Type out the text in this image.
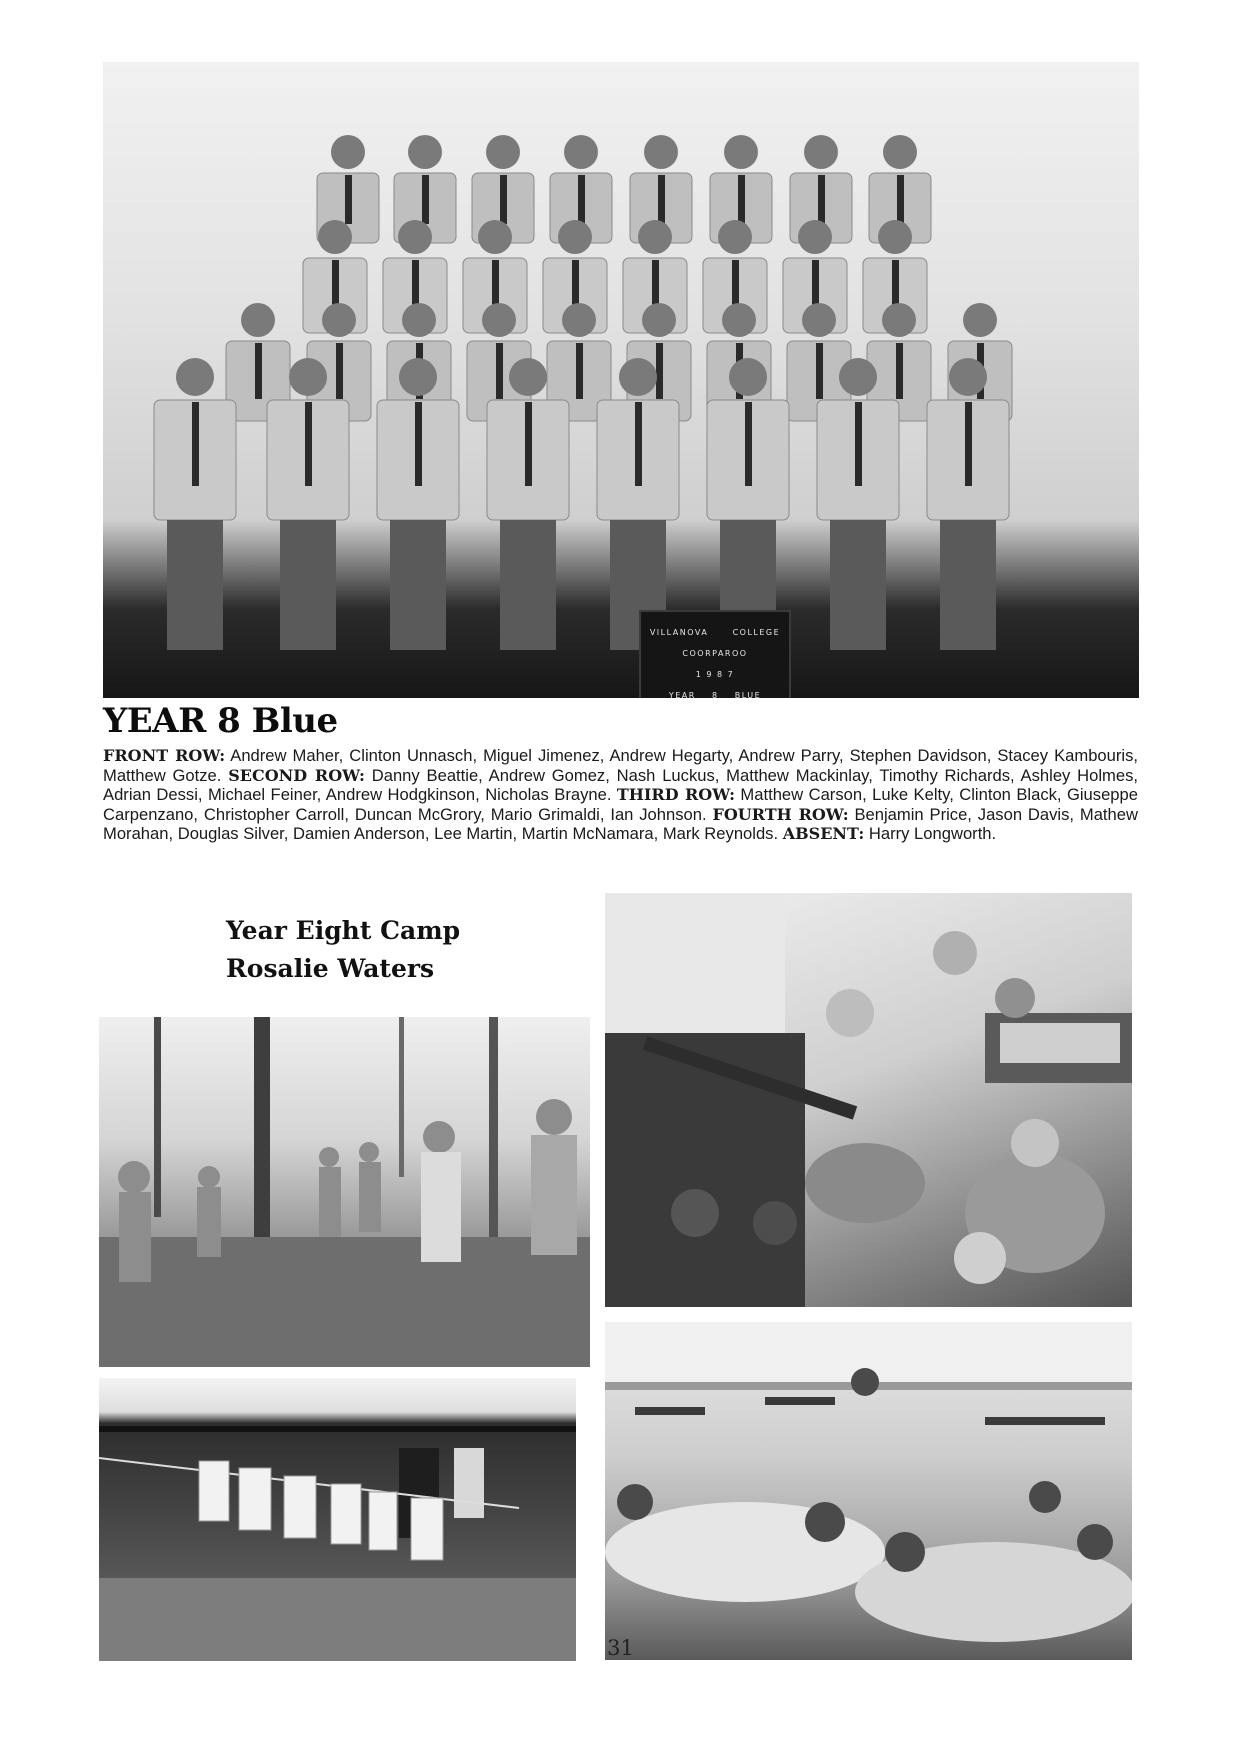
VILLANOVA      COLLEGE
COORPAROO
1 9 8 7
YEAR    8    BLUE
YEAR 8 Blue

FRONT ROW: Andrew Maher, Clinton Unnasch, Miguel Jimenez, Andrew Hegarty, Andrew Parry, Stephen Davidson, Stacey Kambouris, Matthew Gotze. SECOND ROW: Danny Beattie, Andrew Gomez, Nash Luckus, Matthew Mackinlay, Timothy Richards, Ashley Holmes, Adrian Dessi, Michael Feiner, Andrew Hodgkinson, Nicholas Brayne. THIRD ROW: Matthew Carson, Luke Kelty, Clinton Black, Giuseppe Carpenzano, Christopher Carroll, Duncan McGrory, Mario Grimaldi, Ian Johnson. FOURTH ROW: Benjamin Price, Jason Davis, Mathew Morahan, Douglas Silver, Damien Anderson, Lee Martin, Martin McNamara, Mark Reynolds. ABSENT: Harry Longworth.

Year Eight Camp
Rosalie Waters
31
